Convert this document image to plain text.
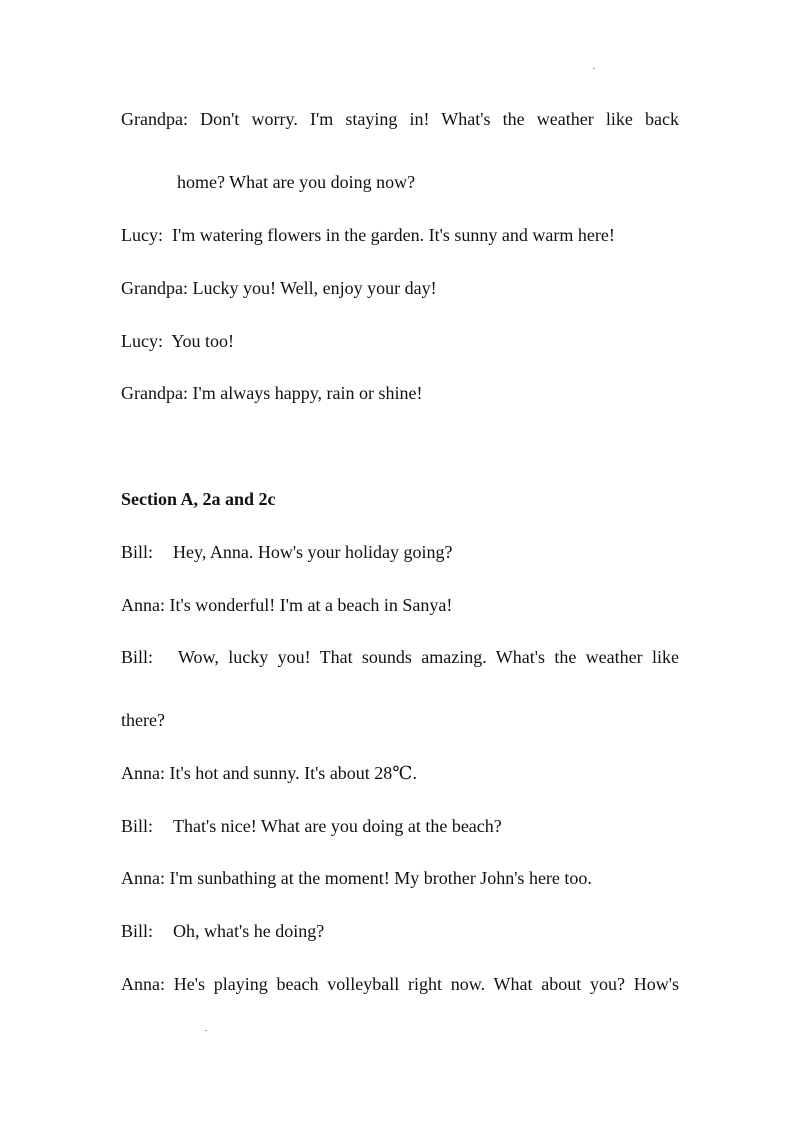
Grandpa: Don't worry. I'm staying in! What's the weather like back
home? What are you doing now?
Lucy: I'm watering flowers in the garden. It's sunny and warm here!
Grandpa: Lucky you! Well, enjoy your day!
Lucy: You too!
Grandpa: I'm always happy, rain or shine!
Section A, 2a and 2c
Bill: Hey, Anna. How's your holiday going?
Anna: It's wonderful! I'm at a beach in Sanya!
Bill: Wow, lucky you! That sounds amazing. What's the weather like
there?
Anna: It's hot and sunny. It's about 28℃.
Bill: That's nice! What are you doing at the beach?
Anna: I'm sunbathing at the moment! My brother John's here too.
Bill: Oh, what's he doing?
Anna: He's playing beach volleyball right now. What about you? How's
